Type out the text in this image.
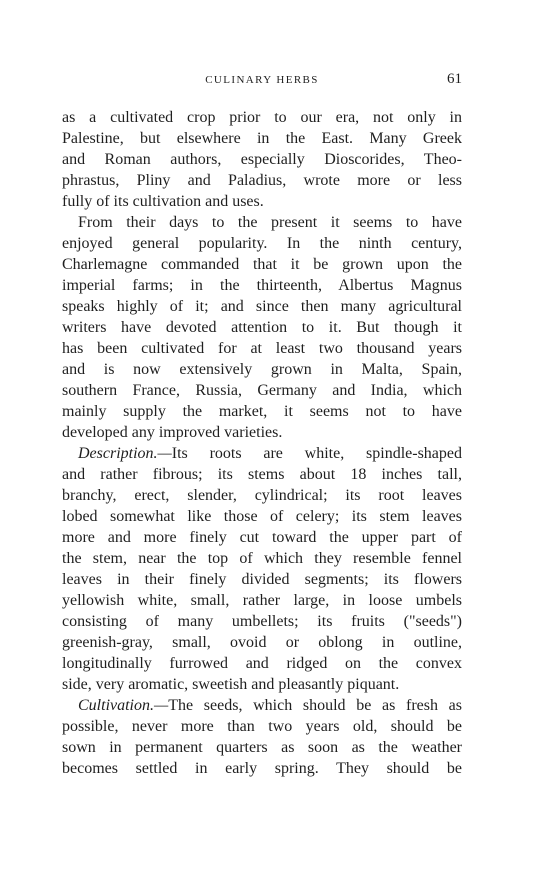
CULINARY HERBS	61
as a cultivated crop prior to our era, not only in
Palestine, but elsewhere in the East. Many Greek
and Roman authors, especially Dioscorides, Theo-
phrastus, Pliny and Paladius, wrote more or less
fully of its cultivation and uses.
From their days to the present it seems to have
enjoyed general popularity. In the ninth century,
Charlemagne commanded that it be grown upon the
imperial farms; in the thirteenth, Albertus Magnus
speaks highly of it; and since then many agricultural
writers have devoted attention to it. But though it
has been cultivated for at least two thousand years
and is now extensively grown in Malta, Spain,
southern France, Russia, Germany and India, which
mainly supply the market, it seems not to have
developed any improved varieties.
Description.—Its roots are white, spindle-shaped
and rather fibrous; its stems about 18 inches tall,
branchy, erect, slender, cylindrical; its root leaves
lobed somewhat like those of celery; its stem leaves
more and more finely cut toward the upper part of
the stem, near the top of which they resemble fennel
leaves in their finely divided segments; its flowers
yellowish white, small, rather large, in loose umbels
consisting of many umbellets; its fruits ("seeds")
greenish-gray, small, ovoid or oblong in outline,
longitudinally furrowed and ridged on the convex
side, very aromatic, sweetish and pleasantly piquant.
Cultivation.—The seeds, which should be as fresh as
possible, never more than two years old, should be
sown in permanent quarters as soon as the weather
becomes settled in early spring. They should be
